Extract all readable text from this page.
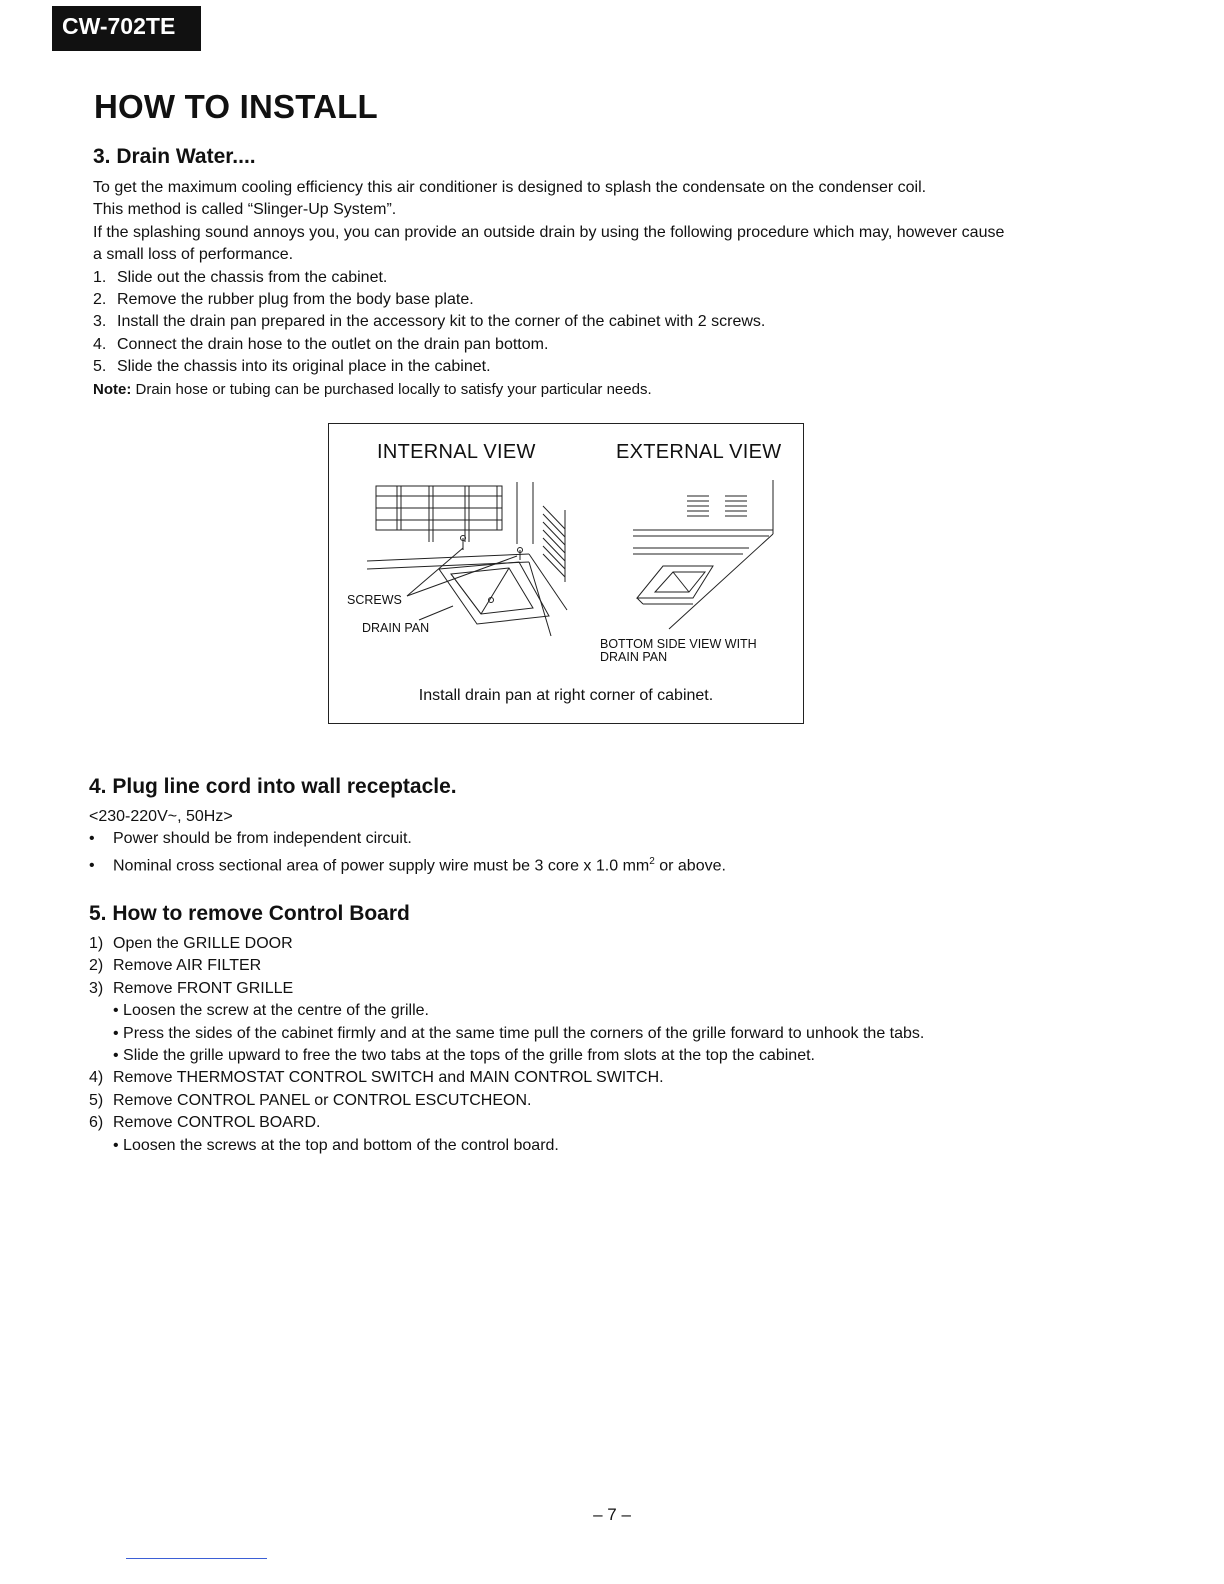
CW-702TE
HOW TO INSTALL
3. Drain Water....

To get the maximum cooling efficiency this air conditioner is designed to splash the condensate on the condenser coil.

This method is called “Slinger-Up System”.

If the splashing sound annoys you, you can provide an outside drain by using the following procedure which may, however cause

a small loss of performance.

1. Slide out the chassis from the cabinet.

2. Remove the rubber plug from the body base plate.

3. Install the drain pan prepared in the accessory kit to the corner of the cabinet with 2 screws.

4. Connect the drain hose to the outlet on the drain pan bottom.

5. Slide the chassis into its original place in the cabinet.

Note: Drain hose or tubing can be purchased locally to satisfy your particular needs.

INTERNAL VIEW	EXTERNAL VIEW
SCREWS
DRAIN PAN
BOTTOM SIDE VIEW WITH
DRAIN PAN
Install drain pan at right corner of cabinet.
4. Plug line cord into wall receptacle.

<230-220V~, 50Hz>

• Power should be from independent circuit.

• Nominal cross sectional area of power supply wire must be 3 core x 1.0 $mm^2$ or above.

5. How to remove Control Board

1) Open the GRILLE DOOR

2) Remove AIR FILTER

3) Remove FRONT GRILLE

• Loosen the screw at the centre of the grille.

• Press the sides of the cabinet firmly and at the same time pull the corners of the grille forward to unhook the tabs.

• Slide the grille upward to free the two tabs at the tops of the grille from slots at the top the cabinet.

4) Remove THERMOSTAT CONTROL SWITCH and MAIN CONTROL SWITCH.

5) Remove CONTROL PANEL or CONTROL ESCUTCHEON.

6) Remove CONTROL BOARD.

• Loosen the screws at the top and bottom of the control board.

– 7 –
